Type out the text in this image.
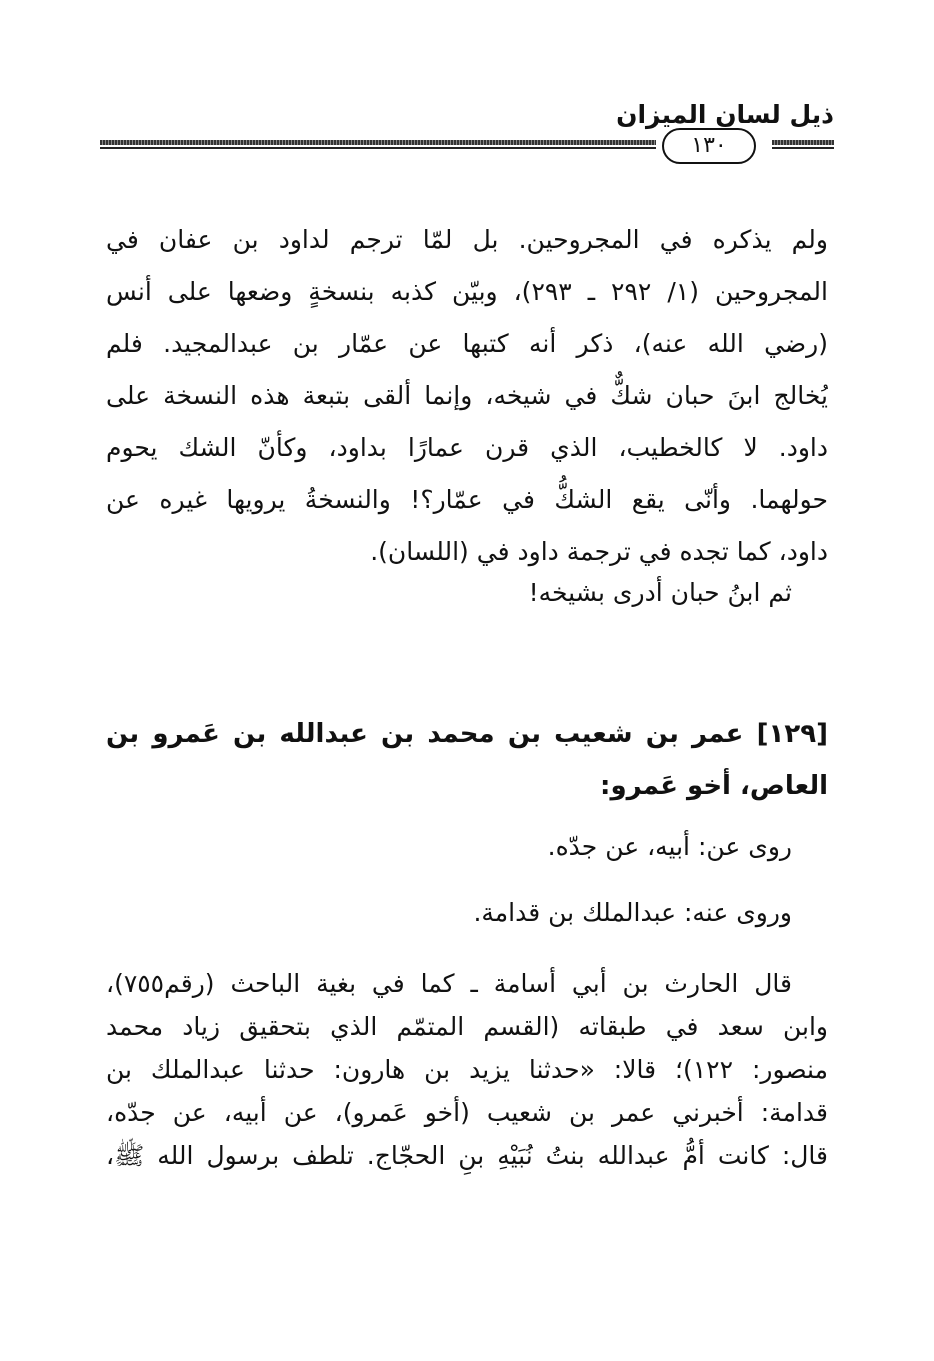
١٣٠
ذيل لسان الميزان
ولم يذكره في المجروحين. بل لمّا ترجم لداود بن عفان في
المجروحين (١/ ٢٩٢ ـ ٢٩٣)، وبيّن كذبه بنسخةٍ وضعها على أنس
(رضي الله عنه)، ذكر أنه كتبها عن عمّار بن عبدالمجيد. فلم
يُخالج ابنَ حبان شكٌّ في شيخه، وإنما ألقى بتبعة هذه النسخة على
داود. لا كالخطيب، الذي قرن عمارًا بداود، وكأنّ الشك يحوم
حولهما. وأنّى يقع الشكُّ في عمّار؟! والنسخةُ يرويها غيره عن
داود، كما تجده في ترجمة داود في (اللسان).
ثم ابنُ حبان أدرى بشيخه!
[١٢٩] عمر بن شعيب بن محمد بن عبدالله بن عَمرو بن
العاص، أخو عَمرو:
روى عن: أبيه، عن جدّه.
وروى عنه: عبدالملك بن قدامة.
قال الحارث بن أبي أسامة ـ كما في بغية الباحث (رقم٧٥٥)،
وابن سعد في طبقاته (القسم المتمّم الذي بتحقيق زياد محمد
منصور: ١٢٢)؛ قالا: «حدثنا يزيد بن هارون: حدثنا عبدالملك بن
قدامة: أخبرني عمر بن شعيب (أخو عَمرو)، عن أبيه، عن جدّه،
قال: كانت أمُّ عبدالله بنتُ نُبَيْهِ بنِ الحجّاج. تلطف برسول الله ﷺ،
